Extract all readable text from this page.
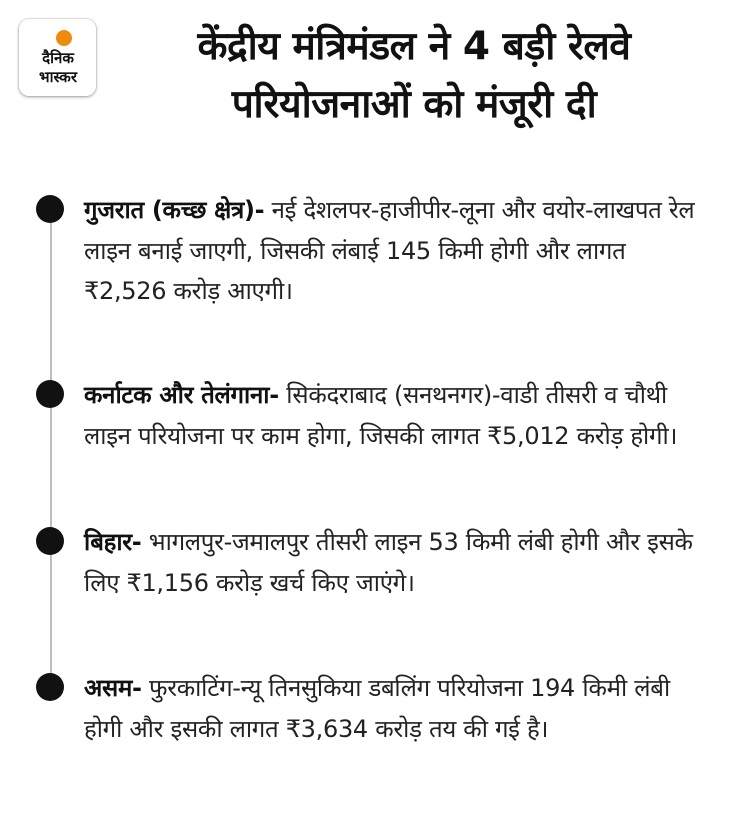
दैनिक
भास्कर
केंद्रीय मंत्रिमंडल ने 4 बड़ी रेलवे परियोजनाओं को मंजूरी दी

गुजरात (कच्छ क्षेत्र)- नई देशलपर-हाजीपीर-लूना और वयोर-लाखपत रेल लाइन बनाई जाएगी, जिसकी लंबाई 145 किमी होगी और लागत ₹2,526 करोड़ आएगी।

कर्नाटक और तेलंगाना- सिकंदराबाद (सनथनगर)-वाडी तीसरी व चौथी लाइन परियोजना पर काम होगा, जिसकी लागत ₹5,012 करोड़ होगी।

बिहार- भागलपुर-जमालपुर तीसरी लाइन 53 किमी लंबी होगी और इसके लिए ₹1,156 करोड़ खर्च किए जाएंगे।

असम- फुरकाटिंग-न्यू तिनसुकिया डबलिंग परियोजना 194 किमी लंबी होगी और इसकी लागत ₹3,634 करोड़ तय की गई है।
